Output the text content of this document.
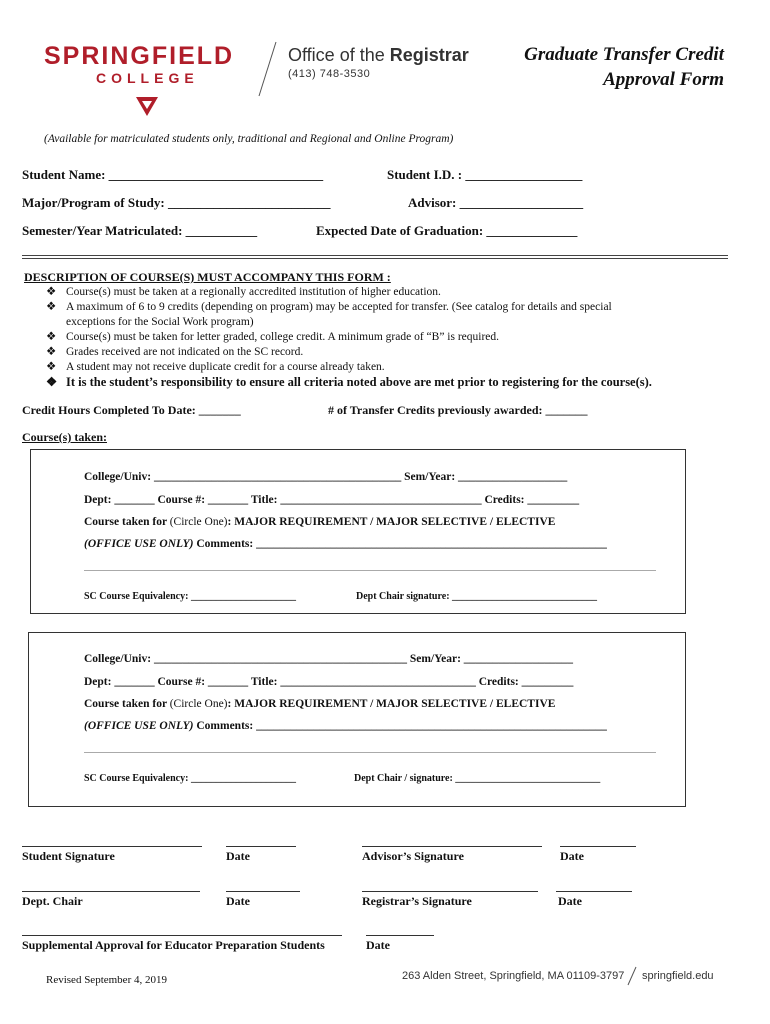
SPRINGFIELD
COLLEGE
Office of the Registrar
(413) 748-3530
Graduate Transfer Credit
Approval Form
(Available for matriculated students only, traditional and Regional and Online Program)
Student Name: _________________________________	Student I.D. : __________________
Major/Program of Study: _________________________	Advisor: ___________________
Semester/Year Matriculated: ___________	Expected Date of Graduation: ______________
DESCRIPTION OF COURSE(S) MUST ACCOMPANY THIS FORM :
❖ Course(s) must be taken at a regionally accredited institution of higher education.
❖ A maximum of 6 to 9 credits (depending on program) may be accepted for transfer. (See catalog for details and special
exceptions for the Social Work program)
❖ Course(s) must be taken for letter graded, college credit. A minimum grade of “B” is required.
❖ Grades received are not indicated on the SC record.
❖ A student may not receive duplicate credit for a course already taken.
❖ It is the student’s responsibility to ensure all criteria noted above are met prior to registering for the course(s).
Credit Hours Completed To Date: _______	# of Transfer Credits previously awarded: _______
Course(s) taken:
College/Univ: ___________________________________________ Sem/Year: ___________________
Dept: _______ Course #: _______ Title: ___________________________________ Credits: _________
Course taken for (Circle One): MAJOR REQUIREMENT / MAJOR SELECTIVE / ELECTIVE
(OFFICE USE ONLY) Comments: _____________________________________________________________
SC Course Equivalency: _____________________	Dept Chair signature: _____________________________
College/Univ: ____________________________________________ Sem/Year: ___________________
Dept: _______ Course #: _______ Title: __________________________________ Credits: _________
Course taken for (Circle One): MAJOR REQUIREMENT / MAJOR SELECTIVE / ELECTIVE
(OFFICE USE ONLY) Comments: _____________________________________________________________
SC Course Equivalency: _____________________	Dept Chair / signature: _____________________________
Student Signature	Date	Advisor’s Signature	Date
Dept. Chair	Date	Registrar’s Signature	Date
Supplemental Approval for Educator Preparation Students	Date
Revised September 4, 2019	263 Alden Street, Springfield, MA 01109-3797 springfield.edu
